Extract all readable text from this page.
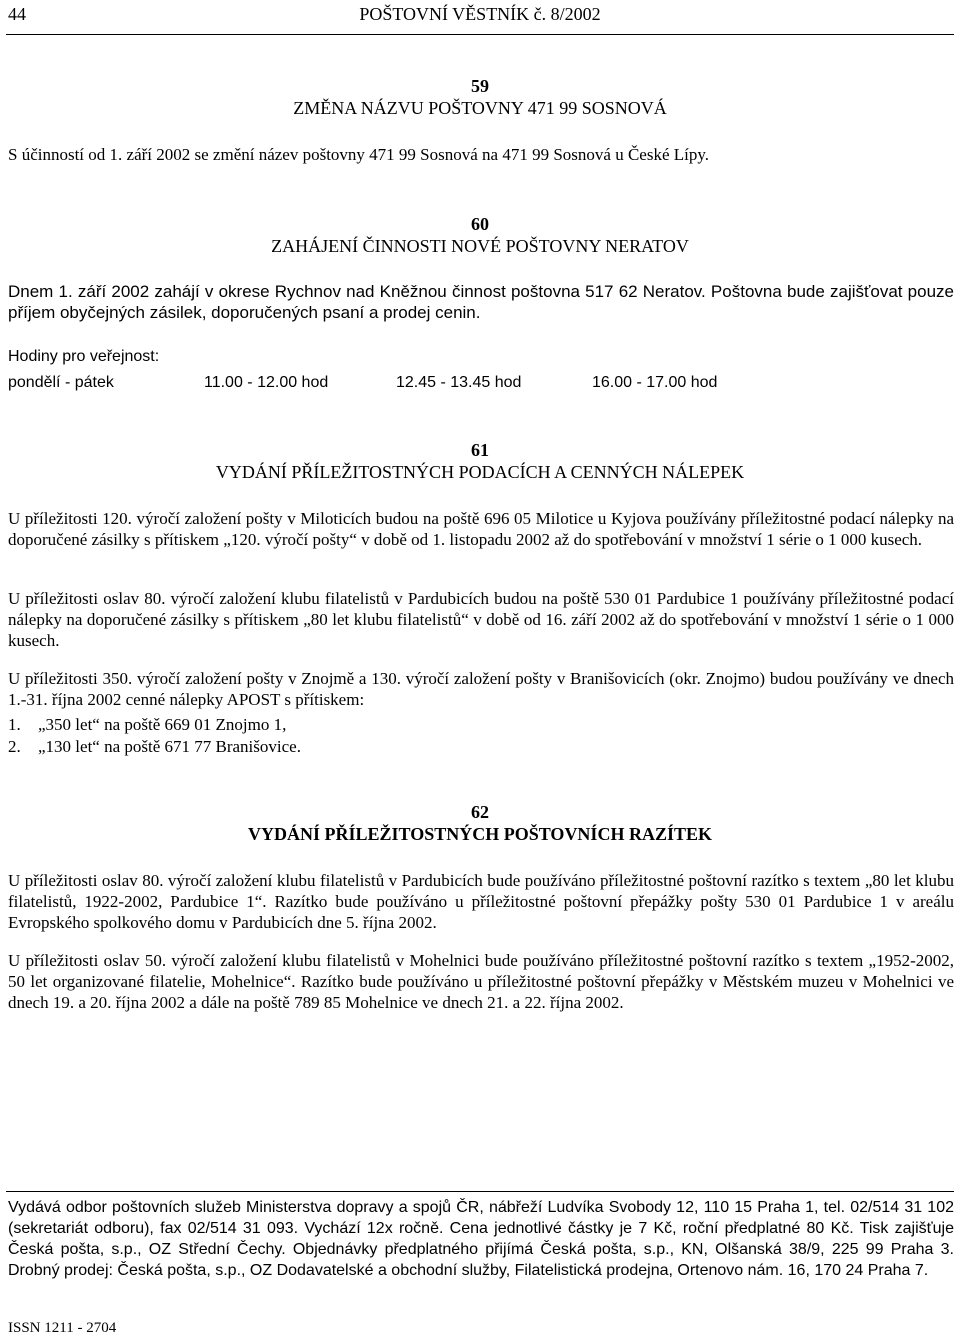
44	POŠTOVNÍ VĚSTNÍK č. 8/2002
59
ZMĚNA NÁZVU POŠTOVNY 471 99 SOSNOVÁ
S účinností od 1. září 2002 se změní název poštovny 471 99 Sosnová na 471 99 Sosnová u České Lípy.
60
ZAHÁJENÍ ČINNOSTI NOVÉ POŠTOVNY NERATOV
Dnem 1. září 2002 zahájí v okrese Rychnov nad Kněžnou činnost poštovna 517 62 Neratov. Poštovna bude zajišťovat pouze příjem obyčejných zásilek, doporučených psaní a prodej cenin.
Hodiny pro veřejnost:
pondělí - pátek	11.00 - 12.00 hod	12.45 - 13.45 hod	16.00 - 17.00 hod
61
VYDÁNÍ PŘÍLEŽITOSTNÝCH PODACÍCH A CENNÝCH NÁLEPEK
U příležitosti 120. výročí založení pošty v Miloticích budou na poště 696 05 Milotice u Kyjova používány příležitostné podací nálepky na doporučené zásilky s přítiskem „120. výročí pošty“ v době od 1. listopadu 2002 až do spotřebování v množství 1 série o 1 000 kusech.
U příležitosti oslav 80. výročí založení klubu filatelistů v Pardubicích budou na poště 530 01 Pardubice 1 používány příležitostné podací nálepky na doporučené zásilky s přítiskem „80 let klubu filatelistů“ v době od 16. září 2002 až do spotřebování v množství 1 série o 1 000 kusech.
U příležitosti 350. výročí založení pošty v Znojmě a 130. výročí založení pošty v Branišovicích (okr. Znojmo) budou používány ve dnech 1.-31. října 2002 cenné nálepky APOST s přítiskem:
1. „350 let“ na poště 669 01 Znojmo 1,
2. „130 let“ na poště 671 77 Branišovice.
62
VYDÁNÍ PŘÍLEŽITOSTNÝCH POŠTOVNÍCH RAZÍTEK
U příležitosti oslav 80. výročí založení klubu filatelistů v Pardubicích bude používáno příležitostné poštovní razítko s textem „80 let klubu filatelistů, 1922-2002, Pardubice 1“. Razítko bude používáno u příležitostné poštovní přepážky pošty 530 01 Pardubice 1 v areálu Evropského spolkového domu v Pardubicích dne 5. října 2002.
U příležitosti oslav 50. výročí založení klubu filatelistů v Mohelnici bude používáno příležitostné poštovní razítko s textem „1952-2002, 50 let organizované filatelie, Mohelnice“. Razítko bude používáno u příležitostné poštovní přepážky v Městském muzeu v Mohelnici ve dnech 19. a 20. října 2002 a dále na poště 789 85 Mohelnice ve dnech 21. a 22. října 2002.
Vydává odbor poštovních služeb Ministerstva dopravy a spojů ČR, nábřeží Ludvíka Svobody 12, 110 15 Praha 1, tel. 02/514 31 102 (sekretariát odboru), fax 02/514 31 093. Vychází 12x ročně. Cena jednotlivé částky je 7 Kč, roční předplatné 80 Kč. Tisk zajišťuje Česká pošta, s.p., OZ Střední Čechy. Objednávky předplatného přijímá Česká pošta, s.p., KN, Olšanská 38/9, 225 99 Praha 3. Drobný prodej: Česká pošta, s.p., OZ Dodavatelské a obchodní služby, Filatelistická prodejna, Ortenovo nám. 16, 170 24 Praha 7.
ISSN 1211 - 2704
